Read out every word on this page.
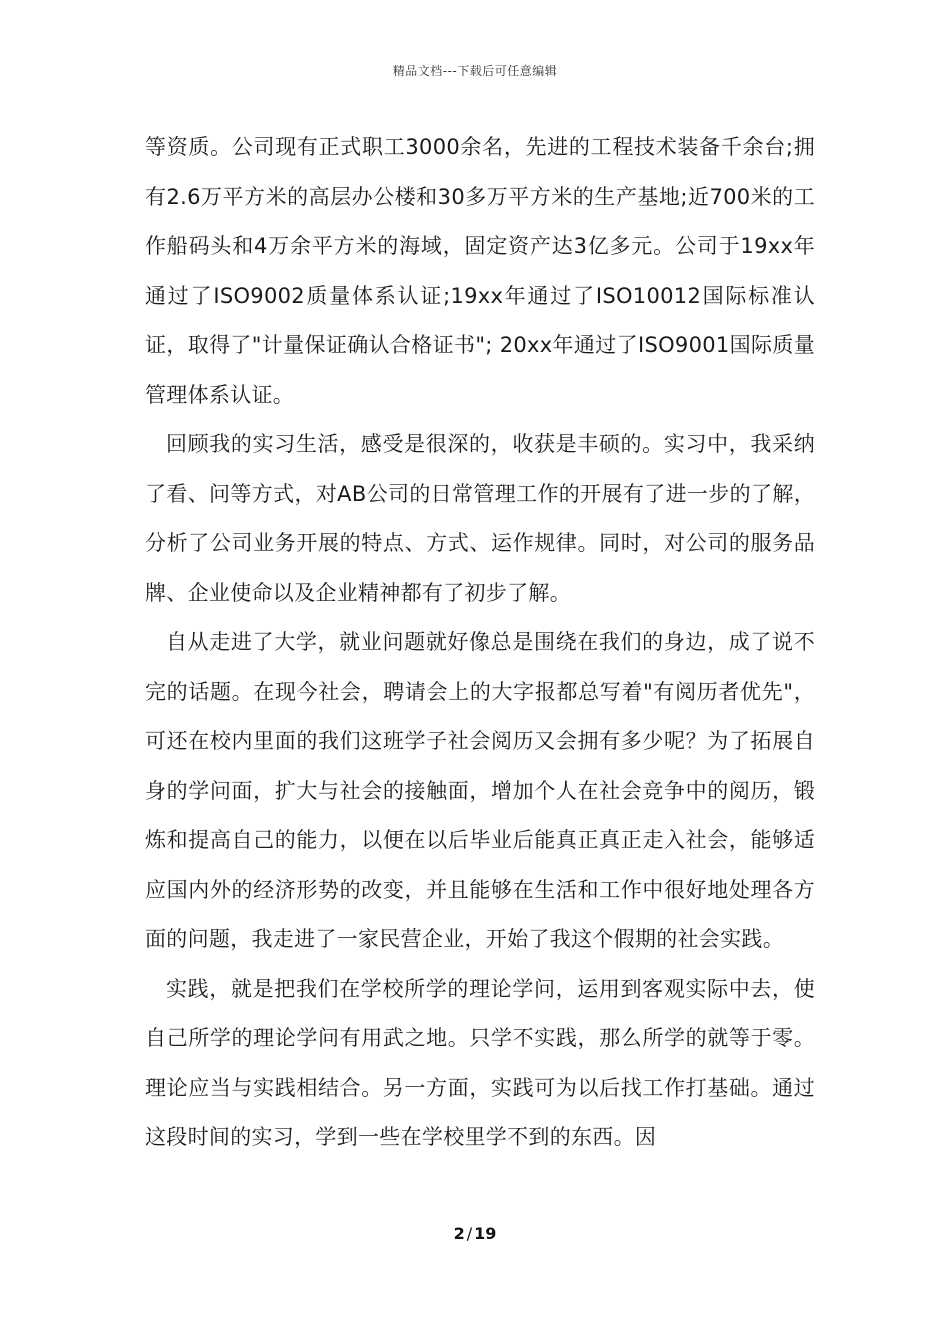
精品文档---下载后可任意编辑

等资质。公司现有正式职工3000余名，先进的工程技术装备千余台;拥有2.6万平方米的高层办公楼和30多万平方米的生产基地;近700米的工作船码头和4万余平方米的海域，固定资产达3亿多元。公司于19xx年通过了ISO9002质量体系认证;19xx年通过了ISO10012国际标准认证，取得了"计量保证确认合格证书"; 20xx年通过了ISO9001国际质量管理体系认证。

回顾我的实习生活，感受是很深的，收获是丰硕的。实习中，我采纳了看、问等方式，对AB公司的日常管理工作的开展有了进一步的了解，分析了公司业务开展的特点、方式、运作规律。同时，对公司的服务品牌、企业使命以及企业精神都有了初步了解。

自从走进了大学，就业问题就好像总是围绕在我们的身边，成了说不完的话题。在现今社会，聘请会上的大字报都总写着"有阅历者优先"，可还在校内里面的我们这班学子社会阅历又会拥有多少呢？为了拓展自身的学问面，扩大与社会的接触面，增加个人在社会竞争中的阅历，锻炼和提高自己的能力，以便在以后毕业后能真正真正走入社会，能够适应国内外的经济形势的改变，并且能够在生活和工作中很好地处理各方面的问题，我走进了一家民营企业，开始了我这个假期的社会实践。

实践，就是把我们在学校所学的理论学问，运用到客观实际中去，使自己所学的理论学问有用武之地。只学不实践，那么所学的就等于零。理论应当与实践相结合。另一方面，实践可为以后找工作打基础。通过这段时间的实习，学到一些在学校里学不到的东西。因

2 / 19
